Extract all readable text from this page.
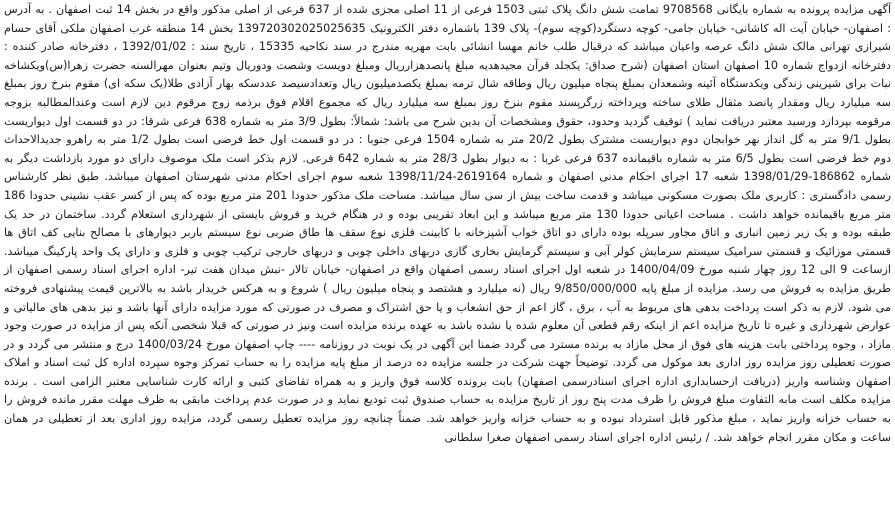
آگهی مزایده پرونده به شماره بایگانی 9708568 تمامت شش دانگ پلاک ثبتی 1503 فرعی از 11 اصلی مجزی شده از 637 فرعی از اصلی مذکور واقع در بخش 14 ثبت اصفهان . به آدرس : اصفهان- خیابان آیت اله کاشانی- خیابان جامی- کوچه دستگرد(کوچه سوم)- پلاک 139 باشماره دفتر الکترونیک 139720302025025635 بخش 14 منطقه غرب اصفهان ملکی آقای حسام شیرازی تهرانی مالک شش دانگ عرصه واعیان میباشد که درقبال طلب خانم مهسا انشائی بابت مهریه مندرج در سند نکاحیه 15335 ، تاریخ سند : 1392/01/02 ، دفترخانه صادر کننده : دفترخانه ازدواج شماره 10 اصفهان استان اصفهان (شرح صداق: یکجلد قرآن مجیدهدیه مبلغ پانصدهزارریال ومبلغ دویست وشصت ودوریال وتیم بعنوان مهرالسنه حضرت زهرا(س)ویکشاخه نبات برای شیرینی زندگی ویکدستگاه آئینه وشمعدان بمبلغ پنجاه میلیون ریال وطاقه شال ترمه بمبلغ یکصدمیلیون ریال وتعدادسیصد عددسکه بهار آزادی طلا(یک سکه ای) مقوم بنرخ روز بمبلغ سه میلیارد ریال ومقدار پانصد مثقال طلای ساخته وپرداخته زرگرپسند مقوم بنرخ روز بمبلغ سه میلیارد ریال که مجموع اقلام فوق برذمه زوج مرقوم دین لازم است وعندالمطالبه بزوجه مرقومه بپردازد ورسید معتبر دریافت نماید ) توقیف گردید وحدود، حقوق ومشخصات آن بدین شرح می باشد: شمالاً: بطول 3/9 متر به شماره 638 فرعی شرقا: در دو قسمت اول دیواریست بطول 9/1 متر به گل انداز نهر خوابجان دوم دیواریست مشترک بطول 20/2 متر به شماره 1504 فرعی جنوبا : در دو قسمت اول خط فرضی است بطول 1/2 متر به راهرو جدیدالاحداث دوم خط فرضی است بطول 6/5 متر به شماره باقیمانده 637 فرعی غربا : به دیوار بطول 28/3 متر به شماره 642 فرعی. لازم بذکر است ملک موصوف دارای دو مورد بازداشت دیگر به شماره 186862-1398/01/29 شعبه 17 اجرای احکام مدنی اصفهان و شماره 2619164-1398/11/24 شعبه سوم اجرای احکام مدنی شهرستان اصفهان میباشد. طبق نظر کارشناس رسمی دادگستری : کاربری ملک بصورت مسکونی میباشد و قدمت ساخت بیش از سی سال میباشد. مساحت ملک مذکور حدودا 201 متر مربع بوده که پس از کسر عقب نشینی حدودا 186 متر مربع باقیمانده خواهد داشت . مساحت اعیانی حدودا 130 متر مربع میباشد و این ابعاد تقریبی بوده و در هنگام خرید و فروش بایستی از شهرداری استعلام گردد. ساختمان در حد یک طبقه بوده و یک زیر زمین انباری و اتاق مجاور سرپله بوده دارای دو اتاق خواب آشپزخانه با کابینت فلزی نوع سقف ها طاق ضربی نوع سیستم باربر دیوارهای با مصالح بنایی کف اتاق ها قسمتی موزائیک و قسمتی سرامیک سیستم سرمایش کولر آبی و سیستم گرمایش بخاری گازی دربهای داخلی چوبی و دربهای خارجی ترکیب چوبی و فلزی و دارای یک واحد پارکینگ میباشد. ازساعت 9 الی 12 روز چهار شنبه مورخ 1400/04/09 در شعبه اول اجرای اسناد رسمی اصفهان واقع در اصفهان- خیابان تالار -نبش میدان هفت تیر- اداره اجرای اسناد رسمی اصفهان از طریق مزایده به فروش می رسد. مزایده از مبلغ پایه 9/850/000/000 ریال (نه میلیارد و هشتصد و پنجاه میلیون ریال ) شروع و به هرکس خریدار باشد به بالاترین قیمت پیشنهادی فروخته می شود. لازم به ذکر است پرداخت بدهی های مربوط به آب ، برق ، گاز اعم از حق انشعاب و یا حق اشتراک و مصرف در صورتی که مورد مزایده دارای آنها باشد و نیز بدهی های مالیاتی و عوارض شهرداری و غیره تا تاریخ مزایده اعم از اینکه رقم قطعی آن معلوم شده یا نشده باشد به عهده برنده مزایده است ونیز در صورتی که قبلا شخصی آنکه پس از مزایده در صورت وجود مازاد ، وجوه پرداختی بابت هزینه های فوق از محل مازاد به برنده مسترد می گردد ضمنا این آگهی در یک نوبت در روزنامه ---- چاپ اصفهان مورخ 1400/03/24 درج و منتشر می گردد و در صورت تعطیلی روز مزایده روز اداری بعد موکول می گردد. توضیحاً جهت شرکت در جلسه مزایده ده درصد از مبلغ پایه مزایده را به حساب تمرکز وجوه سپرده اداره کل ثبت اسناد و املاک اصفهان وشناسه واریز (دریافت ازحسابداری اداره اجرای اسنادرسمی اصفهان) بابت برونده کلاسه فوق واریز و به همراه تقاضای کتبی و ارائه کارت شناسایی معتبر الزامی است . برنده مزایده مکلف است مابه التفاوت مبلغ فروش را ظرف مدت پنج روز از تاریخ مزایده به حساب صندوق ثبت تودیع نماید و در صورت عدم پرداخت مابقی به ظرف مهلت مقرر مانده فروش را به حساب خزانه واریز نماید ، مبلغ مذکور قابل استرداد نبوده و به حساب خزانه واریز خواهد شد. ضمناً چنانچه روز مزایده تعطیل رسمی گردد، مزایده روز اداری بعد از تعطیلی در همان ساعت و مکان مقرر انجام خواهد شد. / رئیس اداره اجرای اسناد رسمی اصفهان صغرا سلطانی
